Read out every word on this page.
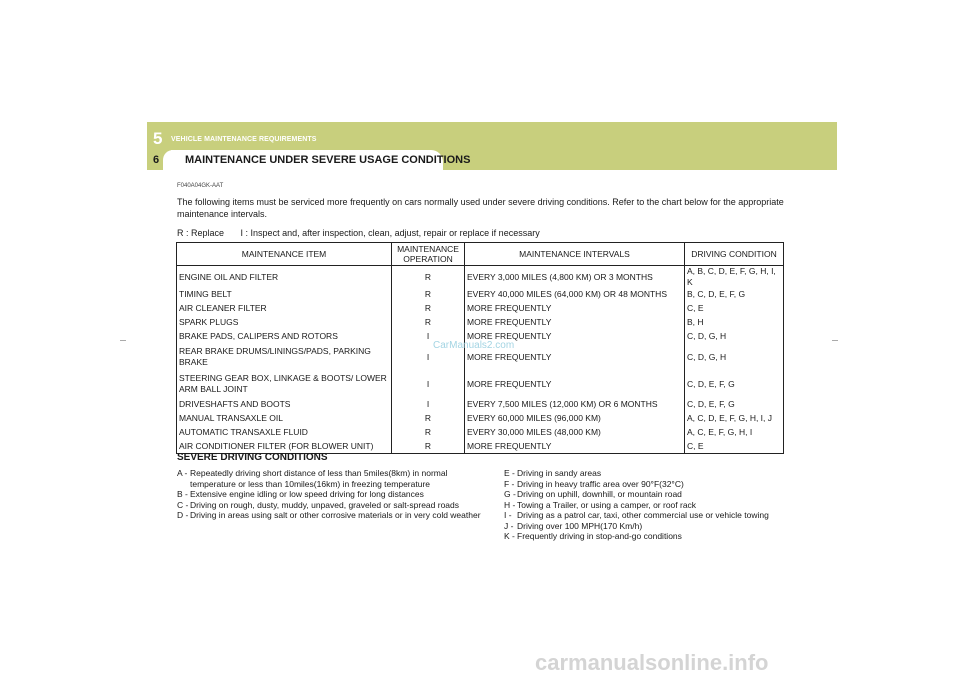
5 VEHICLE MAINTENANCE REQUIREMENTS
6 MAINTENANCE UNDER SEVERE USAGE CONDITIONS
F040A04GK-AAT
The following items must be serviced more frequently on cars normally used under severe driving conditions. Refer to the chart below for the appropriate maintenance intervals.
R : Replace I : Inspect and, after inspection, clean, adjust, repair or replace if necessary
MAINTENANCE ITEM	MAINTENANCE OPERATION	MAINTENANCE INTERVALS	DRIVING CONDITION
ENGINE OIL AND FILTER	R	EVERY 3,000 MILES (4,800 KM) OR 3 MONTHS	A, B, C, D, E, F, G, H, I, K
TIMING BELT	R	EVERY 40,000 MILES (64,000 KM) OR 48 MONTHS	B, C, D, E, F, G
AIR CLEANER FILTER	R	MORE FREQUENTLY	C, E
SPARK PLUGS	R	MORE FREQUENTLY	B, H
BRAKE PADS, CALIPERS AND ROTORS	I	MORE FREQUENTLY	C, D, G, H
REAR BRAKE DRUMS/LININGS/PADS, PARKING BRAKE	I	MORE FREQUENTLY	C, D, G, H
STEERING GEAR BOX, LINKAGE & BOOTS/ LOWER ARM BALL JOINT	I	MORE FREQUENTLY	C, D, E, F, G
DRIVESHAFTS AND BOOTS	I	EVERY 7,500 MILES (12,000 KM) OR 6 MONTHS	C, D, E, F, G
MANUAL TRANSAXLE OIL	R	EVERY 60,000 MILES (96,000 KM)	A, C, D, E, F, G, H, I, J
AUTOMATIC TRANSAXLE FLUID	R	EVERY 30,000 MILES (48,000 KM)	A, C, E, F, G, H, I
AIR CONDITIONER FILTER (FOR BLOWER UNIT)	R	MORE FREQUENTLY	C, E
CarManuals2.com
SEVERE DRIVING CONDITIONS
A - Repeatedly driving short distance of less than 5miles(8km) in normal temperature or less than 10miles(16km) in freezing temperature
B - Extensive engine idling or low speed driving for long distances
C - Driving on rough, dusty, muddy, unpaved, graveled or salt-spread roads
D - Driving in areas using salt or other corrosive materials or in very cold weather
E - Driving in sandy areas
F - Driving in heavy traffic area over 90°F(32°C)
G - Driving on uphill, downhill, or mountain road
H - Towing a Trailer, or using a camper, or roof rack
I - Driving as a patrol car, taxi, other commercial use or vehicle towing
J - Driving over 100 MPH(170 Km/h)
K - Frequently driving in stop-and-go conditions
carmanualsonline.info
